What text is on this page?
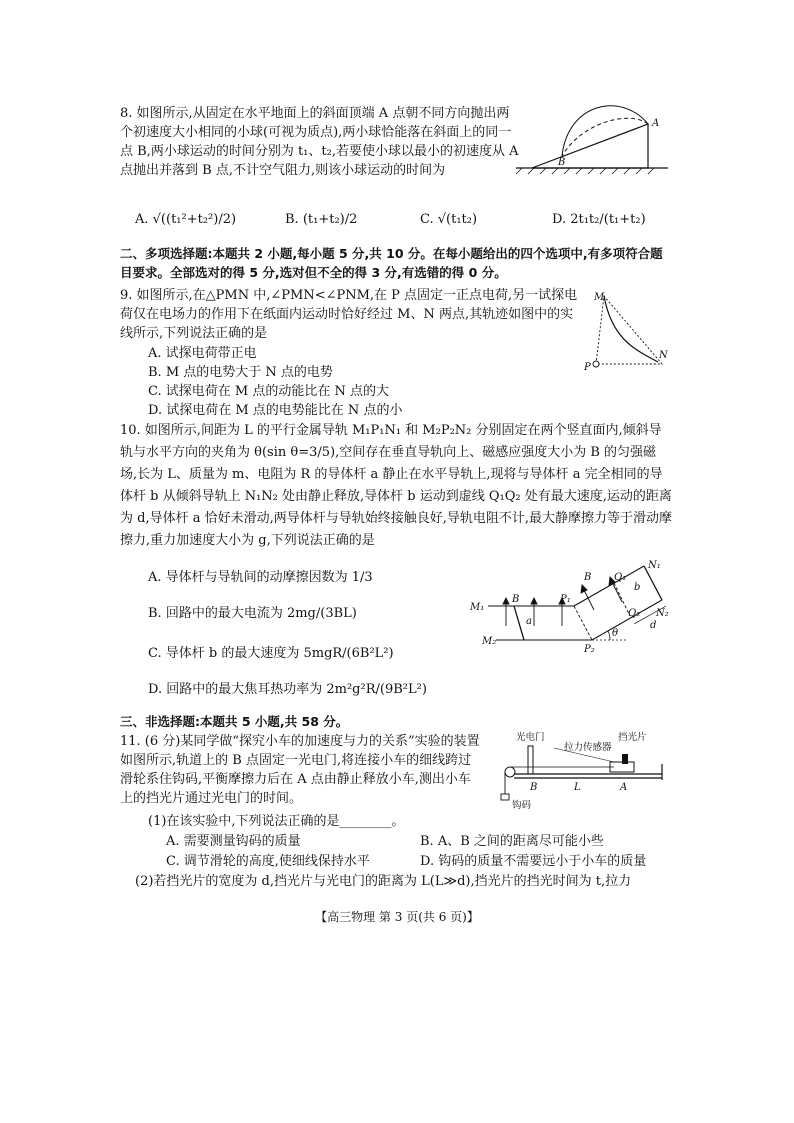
8. 如图所示,从固定在水平地面上的斜面顶端 A 点朝不同方向抛出两个初速度大小相同的小球(可视为质点),两小球恰能落在斜面上的同一点 B,两小球运动的时间分别为 t₁、t₂,若要使小球以最小的初速度从 A 点抛出并落到 B 点,不计空气阻力,则该小球运动的时间为
A
B
A. √((t₁²+t₂²)/2)	B. (t₁+t₂)/2	C. √(t₁t₂)	D. 2t₁t₂/(t₁+t₂)
二、多项选择题:本题共 2 小题,每小题 5 分,共 10 分。在每小题给出的四个选项中,有多项符合题目要求。全部选对的得 5 分,选对但不全的得 3 分,有选错的得 0 分。
9. 如图所示,在△PMN 中,∠PMN<∠PNM,在 P 点固定一正点电荷,另一试探电荷仅在电场力的作用下在纸面内运动时恰好经过 M、N 两点,其轨迹如图中的实线所示,下列说法正确的是
M
N
P
A. 试探电荷带正电
B. M 点的电势大于 N 点的电势
C. 试探电荷在 M 点的动能比在 N 点的大
D. 试探电荷在 M 点的电势能比在 N 点的小
10. 如图所示,间距为 L 的平行金属导轨 M₁P₁N₁ 和 M₂P₂N₂ 分别固定在两个竖直面内,倾斜导轨与水平方向的夹角为 θ(sin θ=3/5),空间存在垂直导轨向上、磁感应强度大小为 B 的匀强磁场,长为 L、质量为 m、电阻为 R 的导体杆 a 静止在水平导轨上,现将与导体杆 a 完全相同的导体杆 b 从倾斜导轨上 N₁N₂ 处由静止释放,导体杆 b 运动到虚线 Q₁Q₂ 处有最大速度,运动的距离为 d,导体杆 a 恰好未滑动,两导体杆与导轨始终接触良好,导轨电阻不计,最大静摩擦力等于滑动摩擦力,重力加速度大小为 g,下列说法正确的是
A. 导体杆与导轨间的动摩擦因数为 1/3
B. 回路中的最大电流为 2mg/(3BL)
C. 导体杆 b 的最大速度为 5mgR/(6B²L²)
D. 回路中的最大焦耳热功率为 2m²g²R/(9B²L²)
B Q₁
N₁
M₁
B	P₁
Q₂ N₂
a
b
d
θ
M₂
P₂
三、非选择题:本题共 5 小题,共 58 分。
11. (6 分)某同学做“探究小车的加速度与力的关系”实验的装置如图所示,轨道上的 B 点固定一光电门,将连接小车的细线跨过滑轮系住钩码,平衡摩擦力后在 A 点由静止释放小车,测出小车上的挡光片通过光电门的时间。
光电门
拉力传感器
挡光片
B	L	A
钩码
(1)在该实验中,下列说法正确的是________。
A. 需要测量钩码的质量	B. A、B 之间的距离尽可能小些
C. 调节滑轮的高度,使细线保持水平	D. 钩码的质量不需要远小于小车的质量
(2)若挡光片的宽度为 d,挡光片与光电门的距离为 L(L≫d),挡光片的挡光时间为 t,拉力
【高三物理 第 3 页(共 6 页)】
